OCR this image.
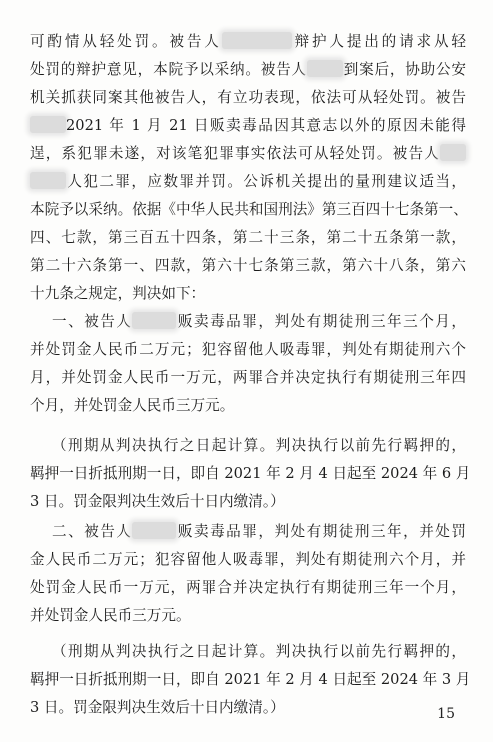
可酌情从轻处罚。被告人	辩护人提出的请求从轻
处罚的辩护意见，本院予以采纳。被告人 到案后，协助公安
机关抓获同案其他被告人，有立功表现，依法可从轻处罚。被告
2021 年 1 月 21 日贩卖毒品因其意志以外的原因未能得
逞，系犯罪未遂，对该笔犯罪事实依法可从轻处罚。被告人
人犯二罪，应数罪并罚。公诉机关提出的量刑建议适当，
本院予以采纳。依据《中华人民共和国刑法》第三百四十七条第一、
四、七款，第三百五十四条，第二十三条，第二十五条第一款，
第二十六条第一、四款，第六十七条第三款，第六十八条，第六
十九条之规定，判决如下：
一、被告人	贩卖毒品罪，判处有期徒刑三年三个月，
并处罚金人民币二万元；犯容留他人吸毒罪，判处有期徒刑六个
月，并处罚金人民币一万元，两罪合并决定执行有期徒刑三年四
个月，并处罚金人民币三万元。
（刑期从判决执行之日起计算。判决执行以前先行羁押的，
羁押一日折抵刑期一日，即自 2021 年 2 月 4 日起至 2024 年 6 月
3 日。罚金限判决生效后十日内缴清。）
二、被告人	贩卖毒品罪，判处有期徒刑三年，并处罚
金人民币二万元；犯容留他人吸毒罪，判处有期徒刑六个月，并
处罚金人民币一万元，两罪合并决定执行有期徒刑三年一个月，
并处罚金人民币三万元。
（刑期从判决执行之日起计算。判决执行以前先行羁押的，
羁押一日折抵刑期一日，即自 2021 年 2 月 4 日起至 2024 年 3 月
3 日。罚金限判决生效后十日内缴清。）	15
